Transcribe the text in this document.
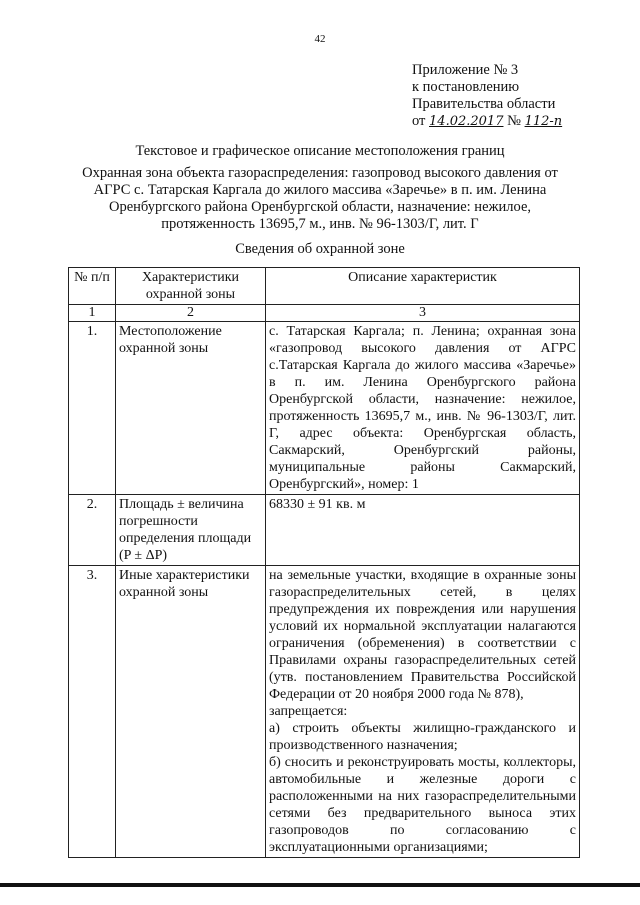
42
Приложение № 3
к постановлению
Правительства области
от 14.02.2017 № 112-п
Текстовое и графическое описание местоположения границ
Охранная зона объекта газораспределения: газопровод высокого давления от АГРС с. Татарская Каргала до жилого массива «Заречье» в п. им. Ленина Оренбургского района Оренбургской области, назначение: нежилое, протяженность 13695,7 м., инв. № 96-1303/Г, лит. Г
Сведения об охранной зоне
№ п/п	Характеристики охранной зоны	Описание характеристик
1	2	3
1.	Местоположение охранной зоны	с. Татарская Каргала; п. Ленина; охранная зона «газопровод высокого давления от АГРС с.Татарская Каргала до жилого массива «Заречье» в п. им. Ленина Оренбургского района Оренбургской области, назначение: нежилое, протяженность 13695,7 м., инв. № 96-1303/Г, лит. Г, адрес объекта: Оренбургская область, Сакмарский, Оренбургский районы, муниципальные районы Сакмарский, Оренбургский», номер: 1
2.	Площадь ± величина погрешности определения площади (P ± ΔP)	68330 ± 91 кв. м
3.	Иные характеристики охранной зоны	на земельные участки, входящие в охранные зоны газораспределительных сетей, в целях предупреждения их повреждения или нарушения условий их нормальной эксплуатации налагаются ограничения (обременения) в соответствии с Правилами охраны газораспределительных сетей (утв. постановлением Правительства Российской Федерации от 20 ноября 2000 года № 878),
запрещается:
а) строить объекты жилищно-гражданского и производственного назначения;
б) сносить и реконструировать мосты, коллекторы, автомобильные и железные дороги с расположенными на них газораспределительными сетями без предварительного выноса этих газопроводов по согласованию с эксплуатационными организациями;
